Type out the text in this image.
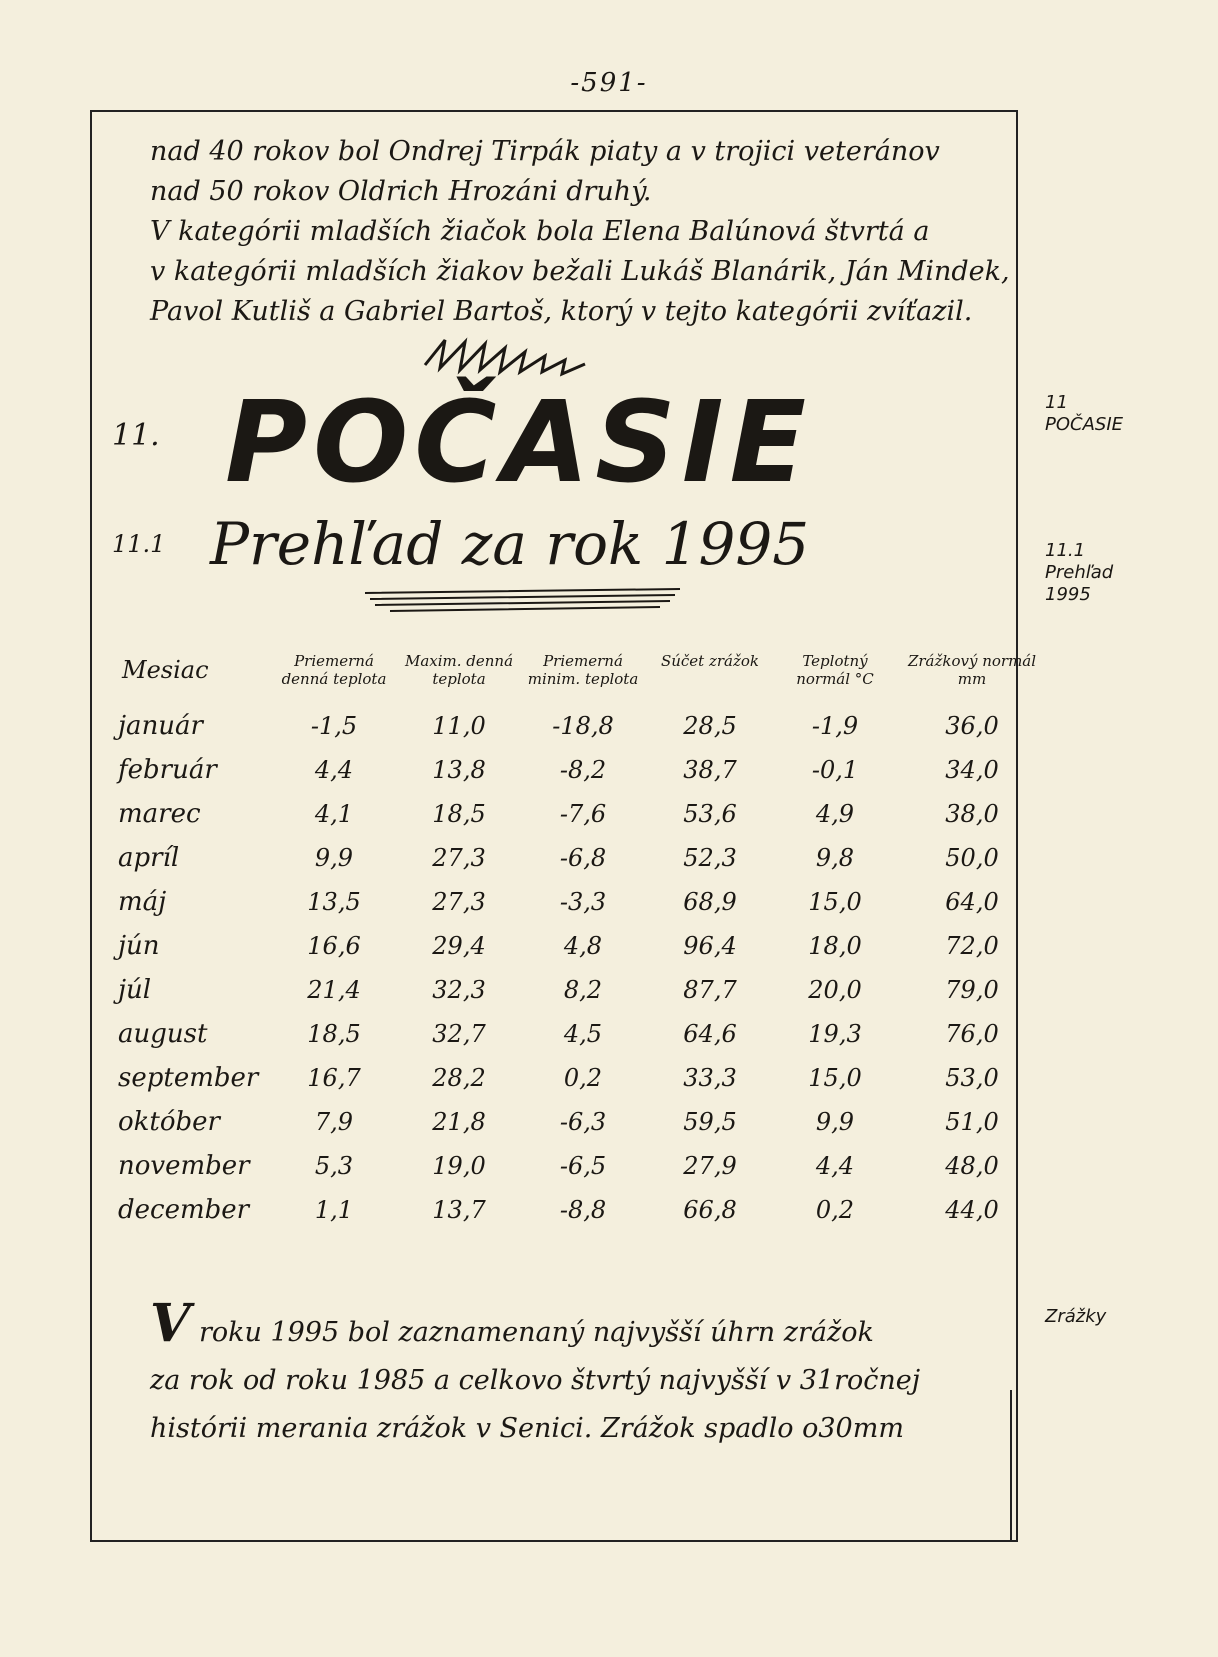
-591-
nad 40 rokov bol Ondrej Tirpák piaty a v trojici veteránov
nad 50 rokov Oldrich Hrozáni druhý.
V kategórii mladších žiačok bola Elena Balúnová štvrtá a
v kategórii mladších žiakov bežali Lukáš Blanárik, Ján Mindek,
Pavol Kutliš a Gabriel Bartoš, ktorý v tejto kategórii zvíťazil.
11. POČASIE
11.1 Prehľad za rok 1995
11
POČASIE
11.1
Prehľad
1995
Zrážky
Mesiac	Priemerná denná teplota	Maxim. denná teplota	Priemerná minim. teplota	Súčet zrážok	Teplotný normál °C	Zrážkový normál mm
január	-1,5	11,0	-18,8	28,5	-1,9	36,0
február	4,4	13,8	-8,2	38,7	-0,1	34,0
marec	4,1	18,5	-7,6	53,6	4,9	38,0
apríl	9,9	27,3	-6,8	52,3	9,8	50,0
máj	13,5	27,3	-3,3	68,9	15,0	64,0
jún	16,6	29,4	4,8	96,4	18,0	72,0
júl	21,4	32,3	8,2	87,7	20,0	79,0
august	18,5	32,7	4,5	64,6	19,3	76,0
september	16,7	28,2	0,2	33,3	15,0	53,0
október	7,9	21,8	-6,3	59,5	9,9	51,0
november	5,3	19,0	-6,5	27,9	4,4	48,0
december	1,1	13,7	-8,8	66,8	0,2	44,0
V roku 1995 bol zaznamenaný najvyšší úhrn zrážok
za rok od roku 1985 a celkovo štvrtý najvyšší v 31ročnej
histórii merania zrážok v Senici. Zrážok spadlo o30mm
